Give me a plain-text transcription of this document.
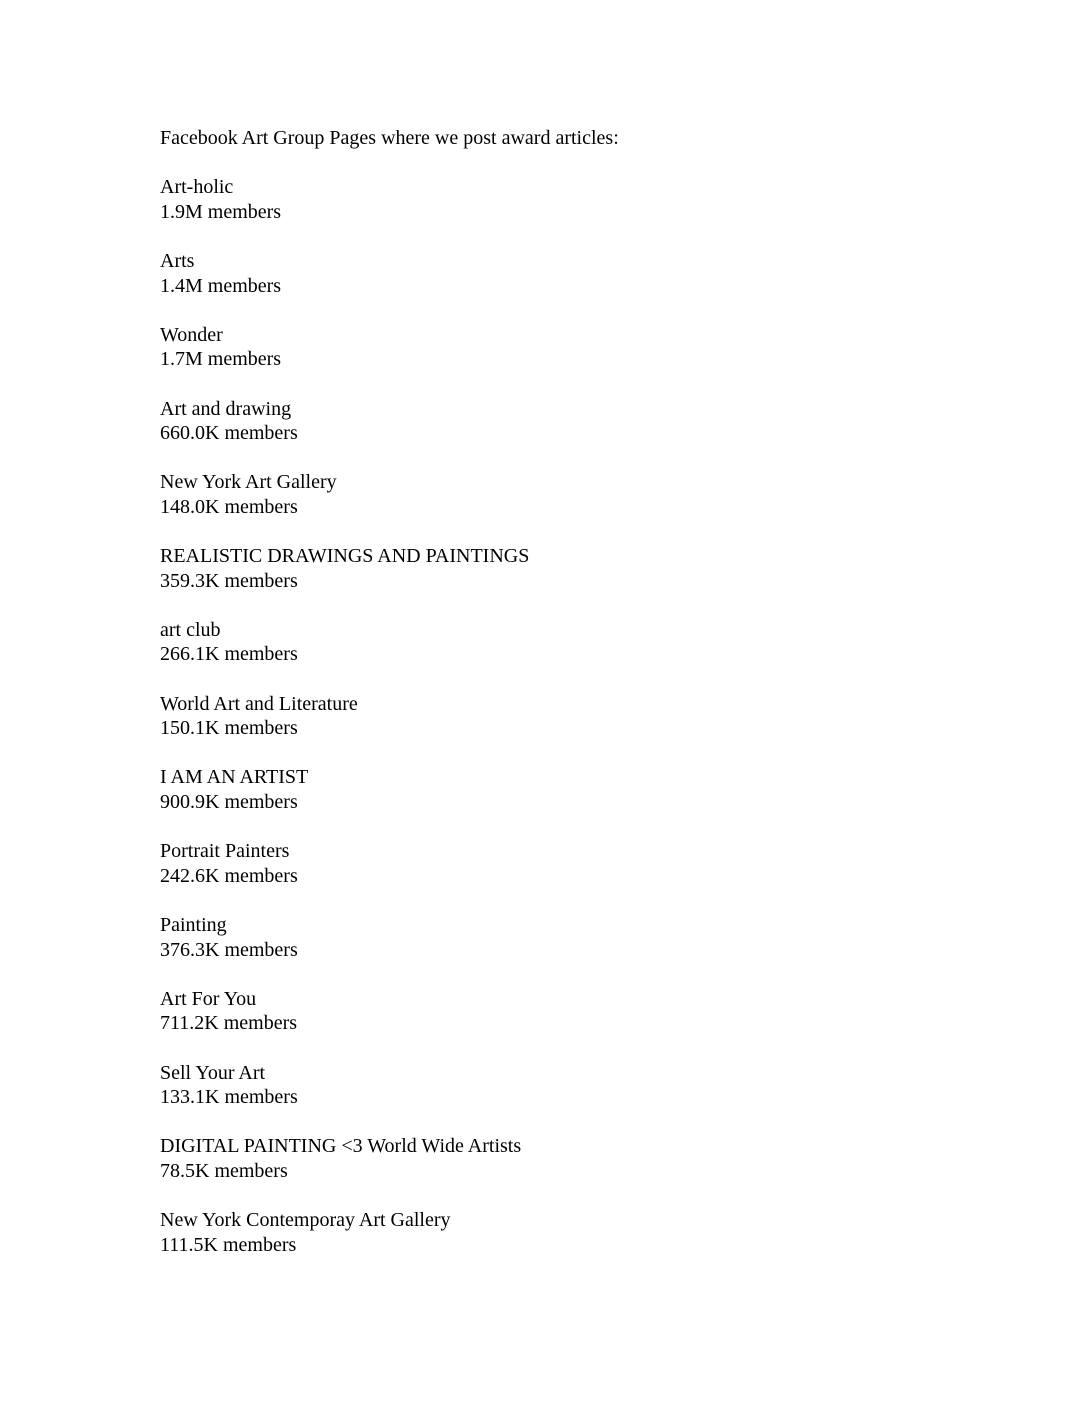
Facebook Art Group Pages where we post award articles:
Art-holic
1.9M members
Arts
1.4M members
Wonder
1.7M members
Art and drawing
660.0K members
New York Art Gallery
148.0K members
REALISTIC DRAWINGS AND PAINTINGS
359.3K members
art club
266.1K members
World Art and Literature
150.1K members
I AM AN ARTIST
900.9K members
Portrait Painters
242.6K members
Painting
376.3K members
Art For You
711.2K members
Sell Your Art
133.1K members
DIGITAL PAINTING <3 World Wide Artists
78.5K members
New York Contemporay Art Gallery
111.5K members
